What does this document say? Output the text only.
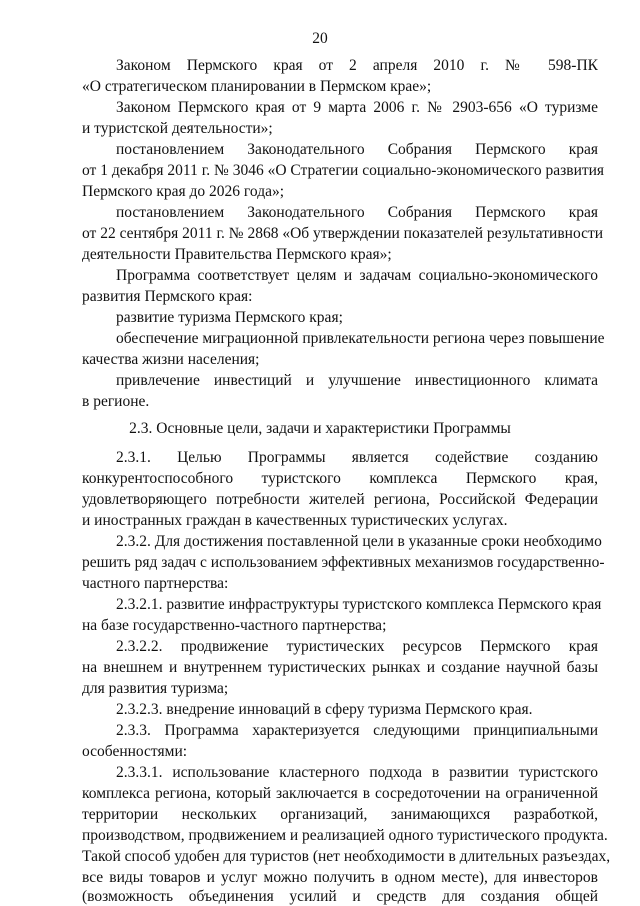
20
Законом Пермского края от 2 апреля 2010 г. № 598-ПК
«О стратегическом планировании в Пермском крае»;
Законом Пермского края от 9 марта 2006 г. № 2903-656 «О туризме
и туристской деятельности»;
постановлением Законодательного Собрания Пермского края
от 1 декабря 2011 г. № 3046 «О Стратегии социально-экономического развития
Пермского края до 2026 года»;
постановлением Законодательного Собрания Пермского края
от 22 сентября 2011 г. № 2868 «Об утверждении показателей результативности
деятельности Правительства Пермского края»;
Программа соответствует целям и задачам социально-экономического
развития Пермского края:
развитие туризма Пермского края;
обеспечение миграционной привлекательности региона через повышение
качества жизни населения;
привлечение инвестиций и улучшение инвестиционного климата
в регионе.
2.3. Основные цели, задачи и характеристики Программы
2.3.1. Целью Программы является содействие созданию
конкурентоспособного туристского комплекса Пермского края,
удовлетворяющего потребности жителей региона, Российской Федерации
и иностранных граждан в качественных туристических услугах.
2.3.2. Для достижения поставленной цели в указанные сроки необходимо
решить ряд задач с использованием эффективных механизмов государственно-
частного партнерства:
2.3.2.1. развитие инфраструктуры туристского комплекса Пермского края
на базе государственно-частного партнерства;
2.3.2.2. продвижение туристических ресурсов Пермского края
на внешнем и внутреннем туристических рынках и создание научной базы
для развития туризма;
2.3.2.3. внедрение инноваций в сферу туризма Пермского края.
2.3.3. Программа характеризуется следующими принципиальными
особенностями:
2.3.3.1. использование кластерного подхода в развитии туристского
комплекса региона, который заключается в сосредоточении на ограниченной
территории нескольких организаций, занимающихся разработкой,
производством, продвижением и реализацией одного туристического продукта.
Такой способ удобен для туристов (нет необходимости в длительных разъездах,
все виды товаров и услуг можно получить в одном месте), для инвесторов
(возможность объединения усилий и средств для создания общей
